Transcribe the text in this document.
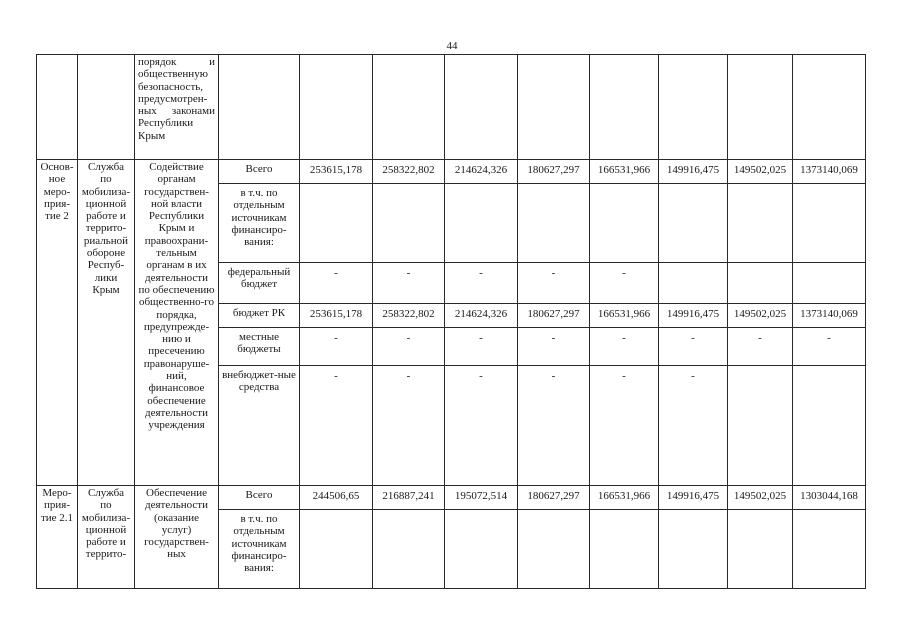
44

		порядок и общественную безопасность, предусмотрен-ных законами Республики Крым									

Основ-ное меро-прия-тие 2	Служба по мобилиза-ционной работе и террито-риальной обороне Респуб-лики Крым	Содействие органам государствен-ной власти Республики Крым и правоохрани-тельным органам в их деятельности по обеспечению общественно-го порядка, предупрежде-нию и пресечению правонаруше-ний, финансовое обеспечение деятельности учреждения	Всего	253615,178	258322,802	214624,326	180627,297	166531,966	149916,475	149502,025	1373140,069

			в т.ч. по отдельным источникам финансиро-вания:								

			федеральный бюджет	-	-	-	-	-			

			бюджет РК	253615,178	258322,802	214624,326	180627,297	166531,966	149916,475	149502,025	1373140,069

			местные бюджеты	-	-	-	-	-	-	-	-

			внебюджет-ные средства	-	-	-	-	-	-		

Меро-прия-тие 2.1	Служба по мобилиза-ционной работе и террито-	Обеспечение деятельности (оказание услуг) государствен-ных	Всего	244506,65	216887,241	195072,514	180627,297	166531,966	149916,475	149502,025	1303044,168

			в т.ч. по отдельным источникам финансиро-вания:								
